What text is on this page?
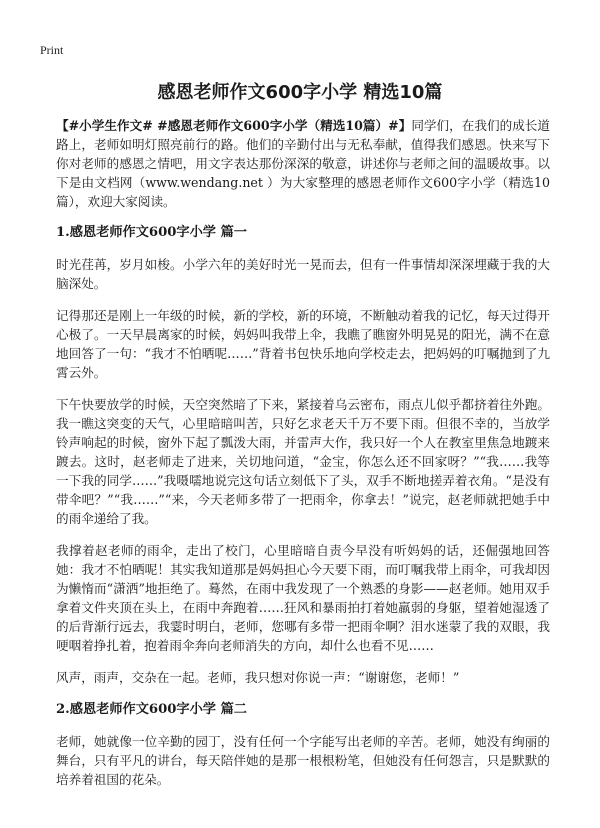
Print
感恩老师作文600字小学 精选10篇

【#小学生作文# #感恩老师作文600字小学（精选10篇）#】同学们，在我们的成长道路上，老师如明灯照亮前行的路。他们的辛勤付出与无私奉献，值得我们感恩。快来写下你对老师的感恩之情吧，用文字表达那份深深的敬意，讲述你与老师之间的温暖故事。以下是由文档网（www.wendang.net ）为大家整理的感恩老师作文600字小学（精选10篇），欢迎大家阅读。

1.感恩老师作文600字小学 篇一

时光荏苒，岁月如梭。小学六年的美好时光一晃而去，但有一件事情却深深埋藏于我的大脑深处。

记得那还是刚上一年级的时候，新的学校，新的环境，不断触动着我的记忆，每天过得开心极了。一天早晨离家的时候，妈妈叫我带上伞，我瞧了瞧窗外明晃晃的阳光，满不在意地回答了一句：“我才不怕晒呢……”背着书包快乐地向学校走去，把妈妈的叮嘱抛到了九霄云外。

下午快要放学的时候，天空突然暗了下来，紧接着乌云密布，雨点儿似乎都挤着往外跑。我一瞧这突变的天气，心里暗暗叫苦，只好乞求老天千万不要下雨。但很不幸的，当放学铃声响起的时候，窗外下起了瓢泼大雨，并雷声大作，我只好一个人在教室里焦急地踱来踱去。这时，赵老师走了进来，关切地问道，“金宝，你怎么还不回家呀？”“我……我等一下我的同学……”我嗫嚅地说完这句话立刻低下了头，双手不断地搓弄着衣角。“是没有带伞吧？”“我……”“来，今天老师多带了一把雨伞，你拿去！”说完，赵老师就把她手中的雨伞递给了我。

我撑着赵老师的雨伞，走出了校门，心里暗暗自责今早没有听妈妈的话，还倔强地回答她：我才不怕晒呢！其实我知道那是妈妈担心今天要下雨，而叮嘱我带上雨伞，可我却因为懒惰而“潇洒”地拒绝了。蓦然，在雨中我发现了一个熟悉的身影——赵老师。她用双手拿着文件夹顶在头上，在雨中奔跑着……狂风和暴雨拍打着她羸弱的身躯，望着她湿透了的后背渐行远去，我霎时明白，老师，您哪有多带一把雨伞啊？泪水迷蒙了我的双眼，我哽咽着挣扎着，抱着雨伞奔向老师消失的方向，却什么也看不见……

风声，雨声，交杂在一起。老师，我只想对你说一声：“谢谢您，老师！”

2.感恩老师作文600字小学 篇二

老师，她就像一位辛勤的园丁，没有任何一个字能写出老师的辛苦。老师，她没有绚丽的舞台，只有平凡的讲台，每天陪伴她的是那一根根粉笔，但她没有任何怨言，只是默默的培养着祖国的花朵。
